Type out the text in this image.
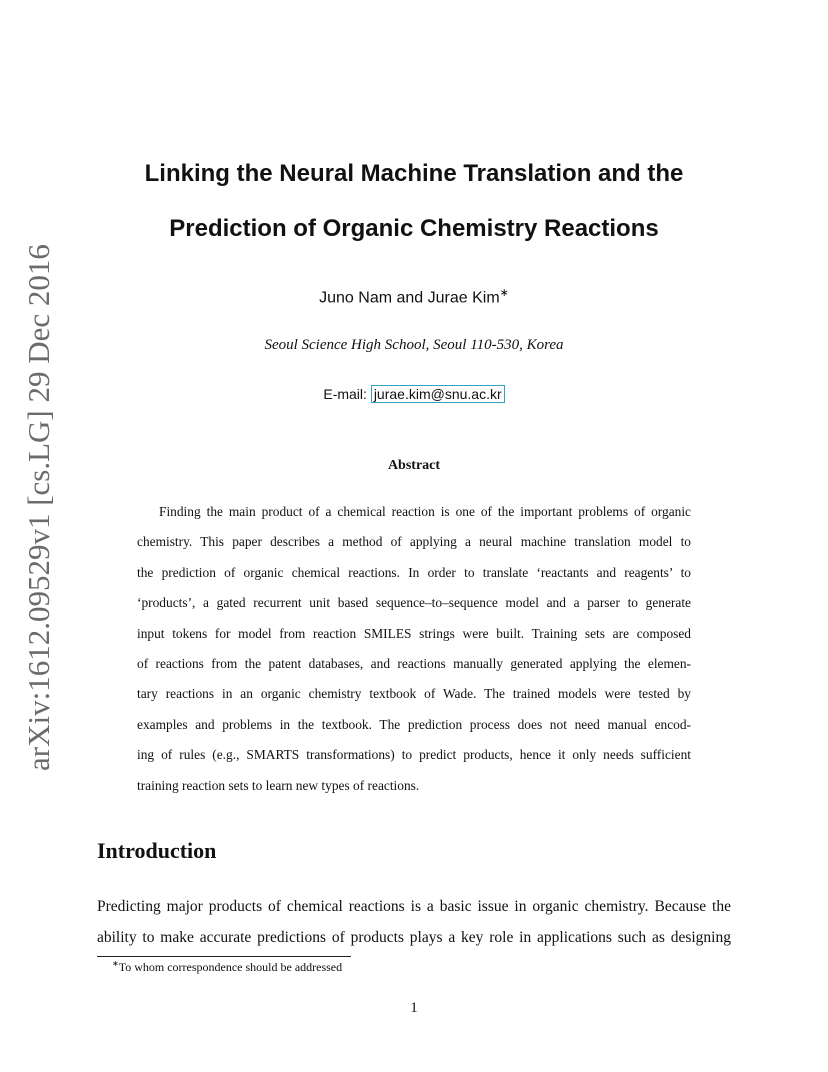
arXiv:1612.09529v1 [cs.LG] 29 Dec 2016
Linking the Neural Machine Translation and the
Prediction of Organic Chemistry Reactions
Juno Nam and Jurae Kim∗
Seoul Science High School, Seoul 110-530, Korea
E-mail: jurae.kim@snu.ac.kr
Abstract
Finding the main product of a chemical reaction is one of the important problems of organic
chemistry. This paper describes a method of applying a neural machine translation model to
the prediction of organic chemical reactions. In order to translate ‘reactants and reagents’ to
‘products’, a gated recurrent unit based sequence–to–sequence model and a parser to generate
input tokens for model from reaction SMILES strings were built. Training sets are composed
of reactions from the patent databases, and reactions manually generated applying the elemen-
tary reactions in an organic chemistry textbook of Wade. The trained models were tested by
examples and problems in the textbook. The prediction process does not need manual encod-
ing of rules (e.g., SMARTS transformations) to predict products, hence it only needs sufficient
training reaction sets to learn new types of reactions.
Introduction
Predicting major products of chemical reactions is a basic issue in organic chemistry. Because the
ability to make accurate predictions of products plays a key role in applications such as designing
∗To whom correspondence should be addressed
1
